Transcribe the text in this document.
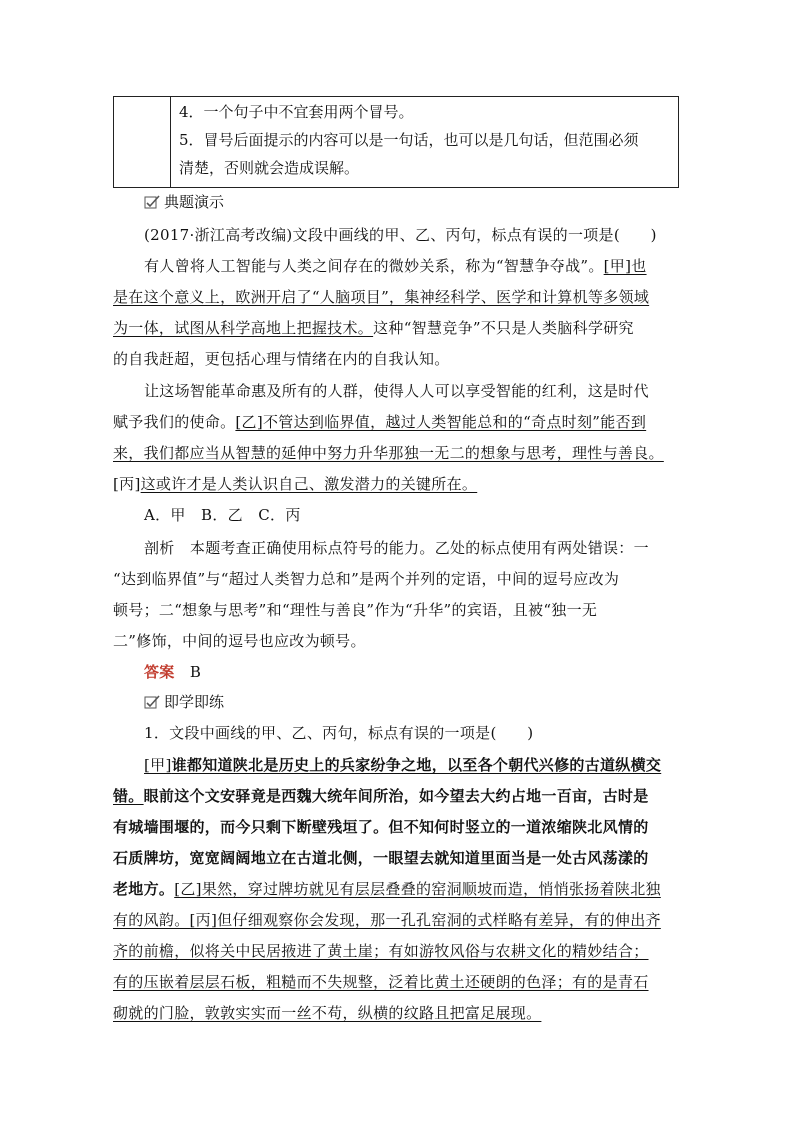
4．一个句子中不宜套用两个冒号。
5．冒号后面提示的内容可以是一句话，也可以是几句话，但范围必须
清楚，否则就会造成误解。
典题演示
(2017·浙江高考改编)文段中画线的甲、乙、丙句，标点有误的一项是(　　)
有人曾将人工智能与人类之间存在的微妙关系，称为“智慧争夺战”。[甲]也
是在这个意义上，欧洲开启了“人脑项目”，集神经科学、医学和计算机等多领域
为一体，试图从科学高地上把握技术。这种“智慧竞争”不只是人类脑科学研究
的自我赶超，更包括心理与情绪在内的自我认知。
让这场智能革命惠及所有的人群，使得人人可以享受智能的红利，这是时代
赋予我们的使命。[乙]不管达到临界值，越过人类智能总和的“奇点时刻”能否到
来，我们都应当从智慧的延伸中努力升华那独一无二的想象与思考，理性与善良。
[丙]这或许才是人类认识自己、激发潜力的关键所在。
A．甲　B．乙　C．丙
剖析　本题考查正确使用标点符号的能力。乙处的标点使用有两处错误：一
“达到临界值”与“超过人类智力总和”是两个并列的定语，中间的逗号应改为
顿号；二“想象与思考”和“理性与善良”作为“升华”的宾语，且被“独一无
二”修饰，中间的逗号也应改为顿号。
答案　 B
即学即练
1．文段中画线的甲、乙、丙句，标点有误的一项是(　　)
[甲]谁都知道陕北是历史上的兵家纷争之地，以至各个朝代兴修的古道纵横交
错。眼前这个文安驿竟是西魏大统年间所治，如今望去大约占地一百亩，古时是
有城墙围堰的，而今只剩下断壁残垣了。但不知何时竖立的一道浓缩陕北风情的
石质牌坊，宽宽阔阔地立在古道北侧，一眼望去就知道里面当是一处古风荡漾的
老地方。[乙]果然，穿过牌坊就见有层层叠叠的窑洞顺坡而造，悄悄张扬着陕北独
有的风韵。[丙]但仔细观察你会发现，那一孔孔窑洞的式样略有差异，有的伸出齐
齐的前檐，似将关中民居掖进了黄土崖；有如游牧风俗与农耕文化的精妙结合；
有的压嵌着层层石板，粗糙而不失规整，泛着比黄土还硬朗的色泽；有的是青石
砌就的门脸，敦敦实实而一丝不苟，纵横的纹路且把富足展现。
